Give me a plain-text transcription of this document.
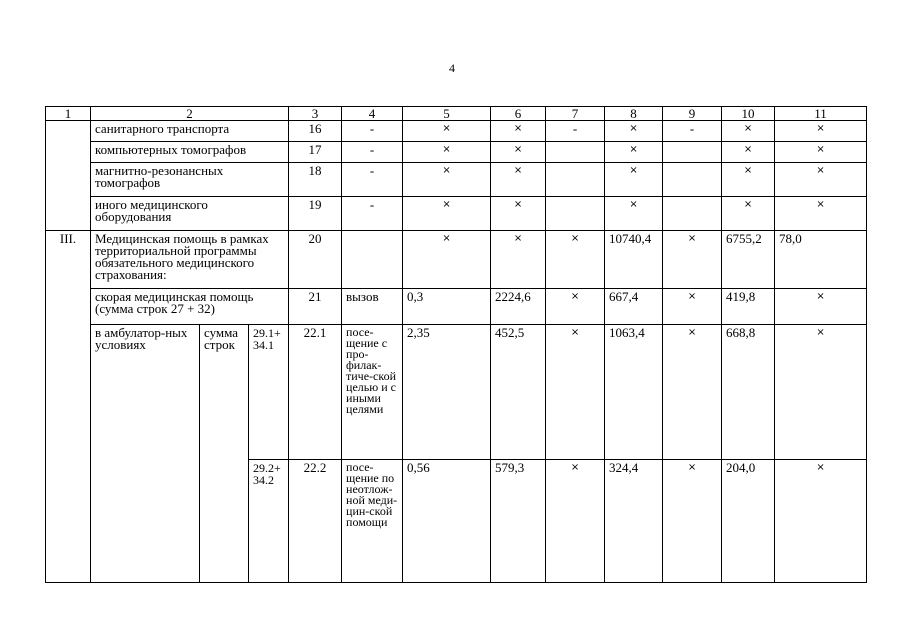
4
1	2			3	4	5	6	7	8	9	10	11
	санитарного транспорта			16	-	×	×	-	×	-	×	×
	компьютерных томографов			17	-	×	×		×		×	×
	магнитно-резонансных томографов			18	-	×	×		×		×	×
	иного медицинского оборудования			19	-	×	×		×		×	×
III.	Медицинская помощь в рамках территориальной программы обязательного медицинского страхования:			20		×	×	×	10740,4	×	6755,2	78,0
	скорая медицинская помощь (сумма строк 27 + 32)			21	вызов	0,3	2224,6	×	667,4	×	419,8	×
	в амбулатор-ных условиях	сумма строк	29.1+ 34.1	22.1	посе-щение с про-филак-тиче-ской целью и с иными целями	2,35	452,5	×	1063,4	×	668,8	×
			29.2+ 34.2	22.2	посе-щение по неотлож-ной меди-цин-ской помощи	0,56	579,3	×	324,4	×	204,0	×
